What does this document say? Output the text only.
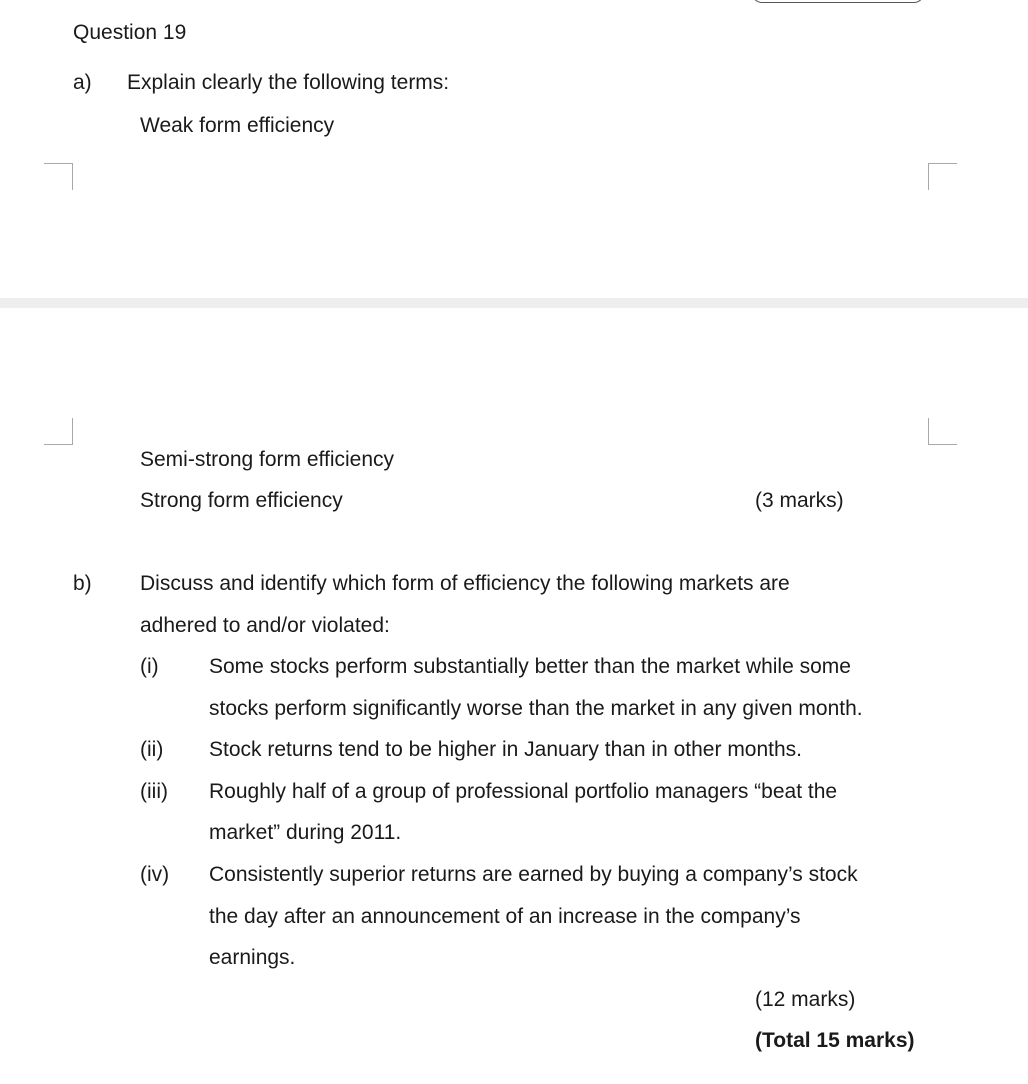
Question 19
a) Explain clearly the following terms:
Weak form efficiency
Semi-strong form efficiency
Strong form efficiency	(3 marks)
b) Discuss and identify which form of efficiency the following markets are
adhered to and/or violated:
(i) Some stocks perform substantially better than the market while some
stocks perform significantly worse than the market in any given month.
(ii) Stock returns tend to be higher in January than in other months.
(iii) Roughly half of a group of professional portfolio managers “beat the
market” during 2011.
(iv) Consistently superior returns are earned by buying a company’s stock
the day after an announcement of an increase in the company’s
earnings.
(12 marks)
(Total 15 marks)
